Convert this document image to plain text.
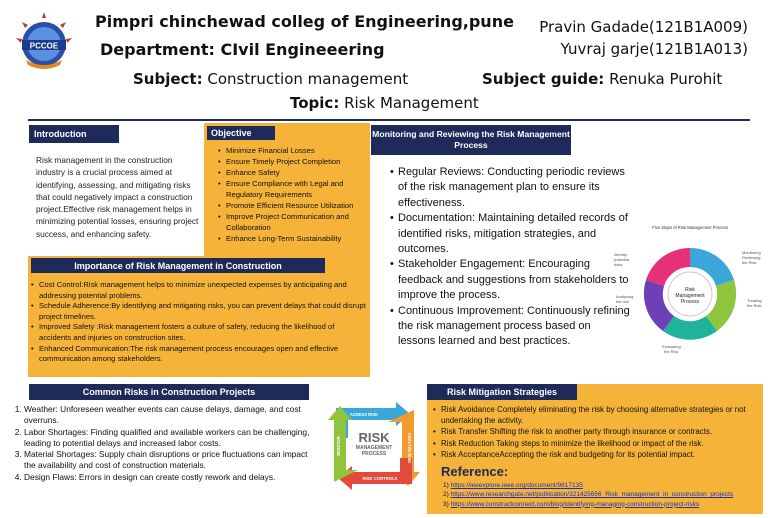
PCCOE
Pimpri chinchewad colleg of Engineering,pune
Department: CIvil Engineeering
Pravin Gadade(121B1A009)
Yuvraj garje(121B1A013)
Subject: Construction management	Subject guide: Renuka Purohit
Topic: Risk Management
Introduction
Risk management in the construction industry is a crucial process aimed at identifying, assessing, and mitigating risks that could negatively impact a construction project.Effective risk management helps in minimizing potential losses, ensuring project success, and enhancing safety.
Objective
• Minimize Financial Losses
• Ensure Timely Project Completion
• Enhance Safety
• Ensure Compliance with Legal and Regulatory Requirements
• Promote Efficient Resource Utilization
• Improve Project Communication and Collaboration
• Enhance Long-Term Sustainability
Monitoring and Reviewing the Risk Management Process
• Regular Reviews: Conducting periodic reviews of the risk management plan to ensure its effectiveness.
• Documentation: Maintaining detailed records of identified risks, mitigation strategies, and outcomes.
• Stakeholder Engagement: Encouraging feedback and suggestions from stakeholders to improve the process.
• Continuous Improvement: Continuously refining the risk management process based on lessons learned and best practices.
Five Steps of Risk Management Process
Risk
Management
Process
Identify
potential
risks
Monitoring
Reviewing
the Risk
Treating
the Risk
Evaluating
the Risk
Analysing
the risk
Importance of Risk Management in Construction
• Cost Control:Risk management helps to minimize unexpected expenses by anticipating and addressing potential problems.
• Schedule Adherence:By identifying and mitigating risks, you can prevent delays that could disrupt project timelines.
• Improved Safety :Risk management fosters a culture of safety, reducing the likelihood of accidents and injuries on construction sites.
• Enhanced Communication:The risk management process encourages open and effective communication among stakeholders.
Common Risks in Construction Projects
1. Weather: Unforeseen weather events can cause delays, damage, and cost overruns.
2. Labor Shortages: Finding qualified and available workers can be challenging, leading to potential delays and increased labor costs.
3. Material Shortages: Supply chain disruptions or price fluctuations can impact the availability and cost of construction materials.
4. Design Flaws: Errors in design can create costly rework and delays.
ASSESS RISK
ANALYZE RISK
RISK CONTROLS
MONITOR RISK
MANAGEMENT
PROCESS
Risk Mitigation Strategies
• Risk Avoidance Completely eliminating the risk by choosing alternative strategies or not undertaking the activity.
• Risk Transfer Shifting the risk to another party through insurance or contracts.
• Risk Reduction Taking steps to minimize the likelihood or impact of the risk.
• Risk AcceptanceAccepting the risk and budgeting for its potential impact.
Reference:
1) https://ieeexplore.ieee.org/document/9817135
2) https://www.researchgate.net/publication/321425656_Risk_management_in_construction_projects
3) https://www.constructconnect.com/blog/identifying-managing-construction-project-risks
